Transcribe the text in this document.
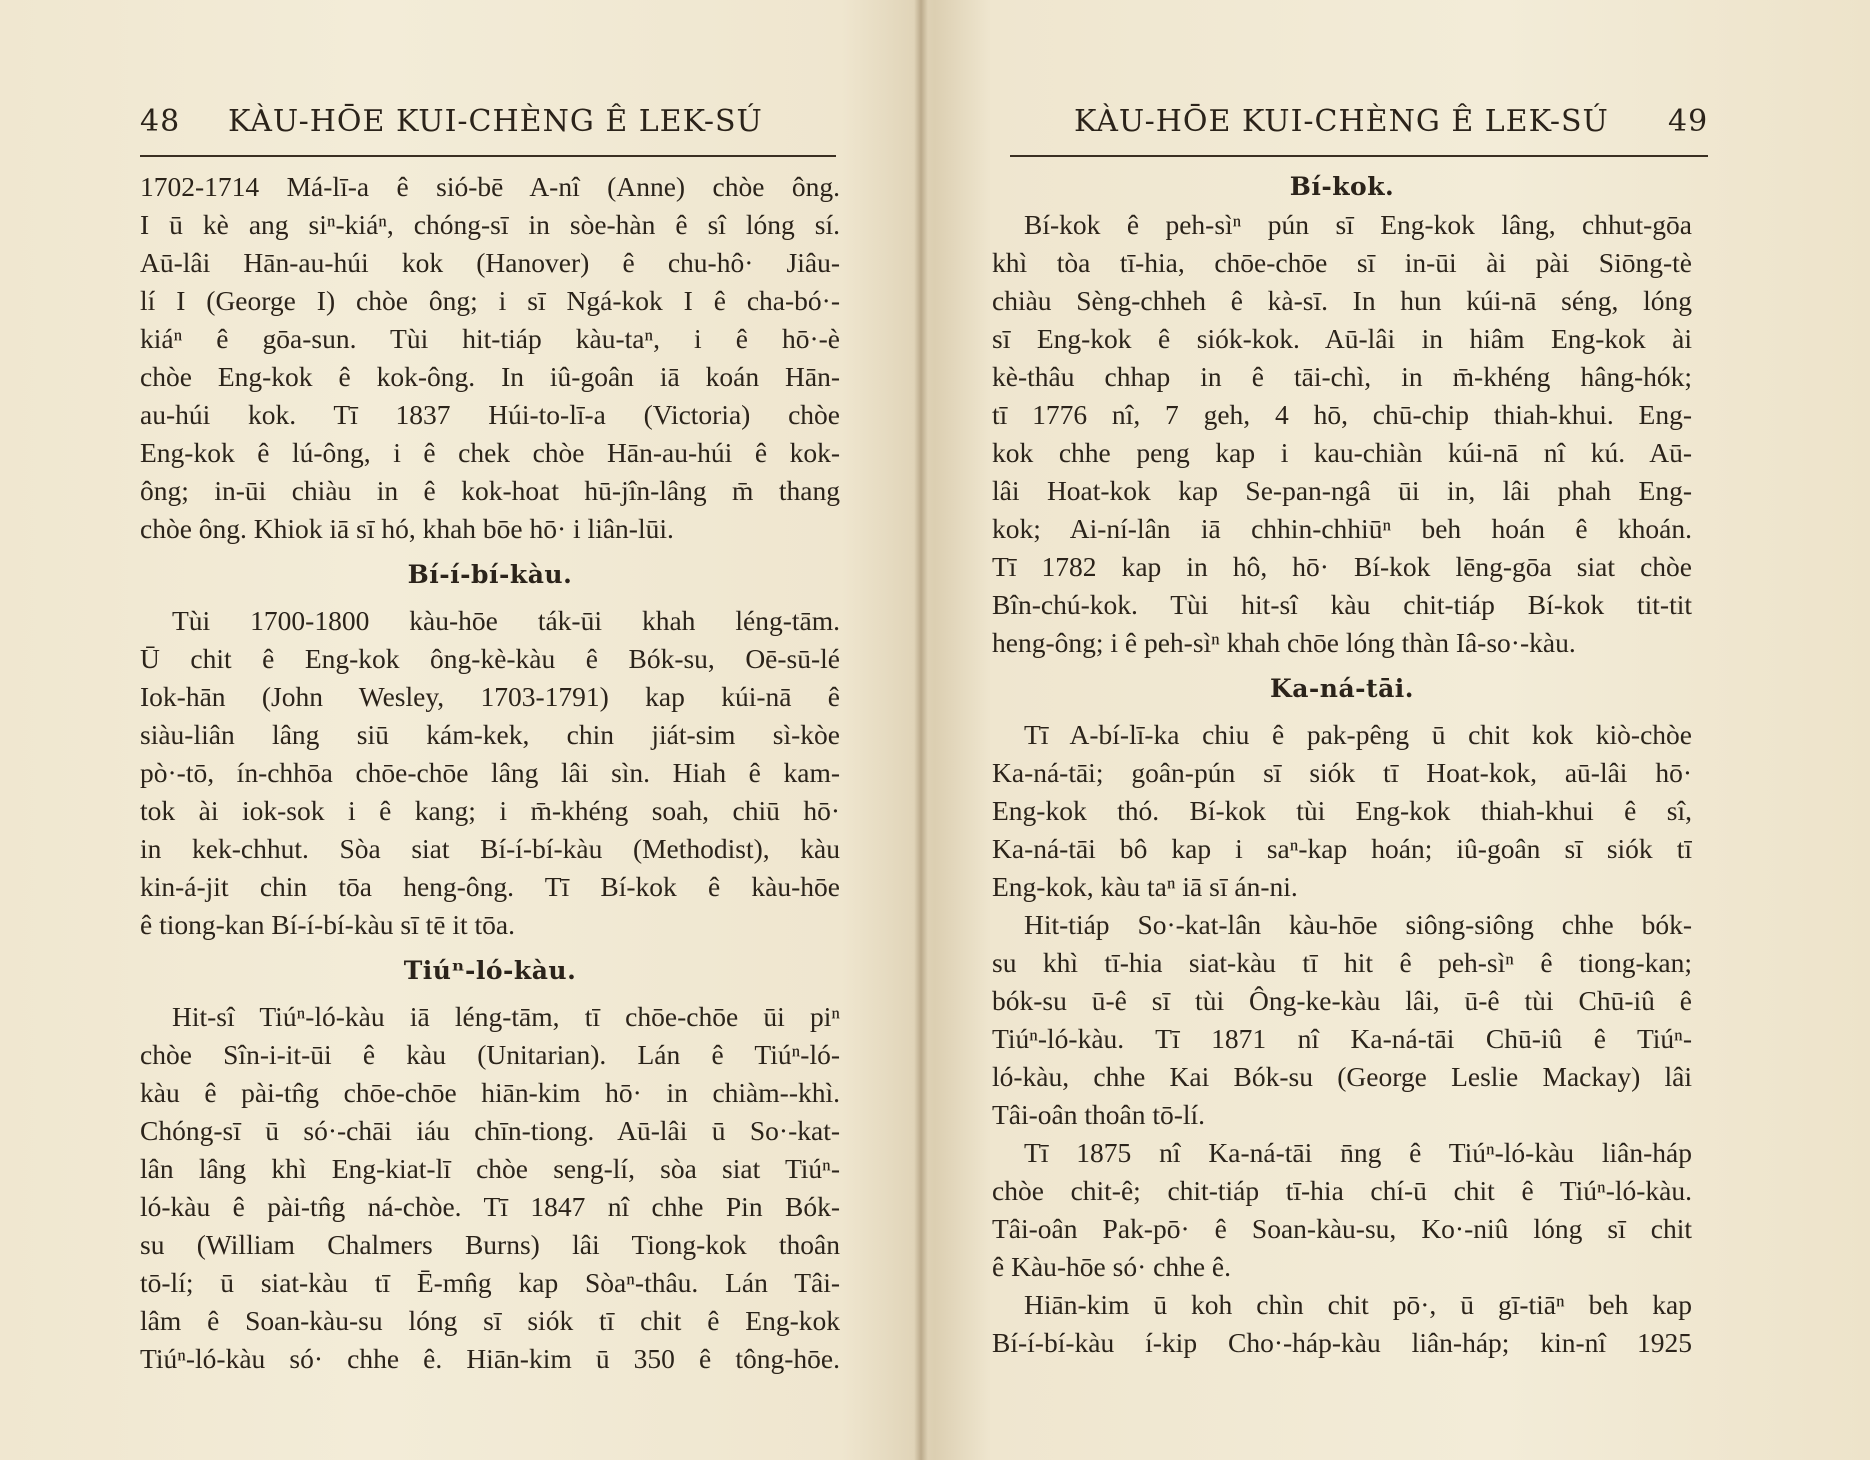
48 KÀU-HŌE KUI-CHÈNG Ê LEK-SÚ
1702-1714 Má-lī-a ê sió-bē A-nî (Anne) chòe ông.
I ū kè ang siⁿ-kiáⁿ, chóng-sī in sòe-hàn ê sî lóng sí.
Aū-lâi Hān-au-húi kok (Hanover) ê chu-hô· Jiâu-
lí I (George I) chòe ông; i sī Ngá-kok I ê cha-bó·-
kiáⁿ ê gōa-sun. Tùi hit-tiáp kàu-taⁿ, i ê hō·-è
chòe Eng-kok ê kok-ông. In iû-goân iā koán Hān-
au-húi kok. Tī 1837 Húi-to-lī-a (Victoria) chòe
Eng-kok ê lú-ông, i ê chek chòe Hān-au-húi ê kok-
ông; in-ūi chiàu in ê kok-hoat hū-jîn-lâng m̄ thang
chòe ông. Khiok iā sī hó, khah bōe hō· i liân-lūi.
Bí-í-bí-kàu.
Tùi 1700-1800 kàu-hōe ták-ūi khah léng-tām.
Ū chit ê Eng-kok ông-kè-kàu ê Bók-su, Oē-sū-lé
Iok-hān (John Wesley, 1703-1791) kap kúi-nā ê
siàu-liân lâng siū kám-kek, chin jiát-sim sì-kòe
pò·-tō, ín-chhōa chōe-chōe lâng lâi sìn. Hiah ê kam-
tok ài iok-sok i ê kang; i m̄-khéng soah, chiū hō·
in kek-chhut. Sòa siat Bí-í-bí-kàu (Methodist), kàu
kin-á-jit chin tōa heng-ông. Tī Bí-kok ê kàu-hōe
ê tiong-kan Bí-í-bí-kàu sī tē it tōa.
Tiúⁿ-ló-kàu.
Hit-sî Tiúⁿ-ló-kàu iā léng-tām, tī chōe-chōe ūi piⁿ
chòe Sîn-i-it-ūi ê kàu (Unitarian). Lán ê Tiúⁿ-ló-
kàu ê pài-tn̂g chōe-chōe hiān-kim hō· in chiàm--khì.
Chóng-sī ū só·-chāi iáu chīn-tiong. Aū-lâi ū So·-kat-
lân lâng khì Eng-kiat-lī chòe seng-lí, sòa siat Tiúⁿ-
ló-kàu ê pài-tn̂g ná-chòe. Tī 1847 nî chhe Pin Bók-
su (William Chalmers Burns) lâi Tiong-kok thoân
tō-lí; ū siat-kàu tī Ē-mn̂g kap Sòaⁿ-thâu. Lán Tâi-
lâm ê Soan-kàu-su lóng sī siók tī chit ê Eng-kok
Tiúⁿ-ló-kàu só· chhe ê. Hiān-kim ū 350 ê tông-hōe.
KÀU-HŌE KUI-CHÈNG Ê LEK-SÚ 49
Bí-kok.
Bí-kok ê peh-sìⁿ pún sī Eng-kok lâng, chhut-gōa
khì tòa tī-hia, chōe-chōe sī in-ūi ài pài Siōng-tè
chiàu Sèng-chheh ê kà-sī. In hun kúi-nā séng, lóng
sī Eng-kok ê siók-kok. Aū-lâi in hiâm Eng-kok ài
kè-thâu chhap in ê tāi-chì, in m̄-khéng hâng-hók;
tī 1776 nî, 7 geh, 4 hō, chū-chip thiah-khui. Eng-
kok chhe peng kap i kau-chiàn kúi-nā nî kú. Aū-
lâi Hoat-kok kap Se-pan-ngâ ūi in, lâi phah Eng-
kok; Ai-ní-lân iā chhin-chhiūⁿ beh hoán ê khoán.
Tī 1782 kap in hô, hō· Bí-kok lēng-gōa siat chòe
Bîn-chú-kok. Tùi hit-sî kàu chit-tiáp Bí-kok tit-tit
heng-ông; i ê peh-sìⁿ khah chōe lóng thàn Iâ-so·-kàu.
Ka-ná-tāi.
Tī A-bí-lī-ka chiu ê pak-pêng ū chit kok kiò-chòe
Ka-ná-tāi; goân-pún sī siók tī Hoat-kok, aū-lâi hō·
Eng-kok thó. Bí-kok tùi Eng-kok thiah-khui ê sî,
Ka-ná-tāi bô kap i saⁿ-kap hoán; iû-goân sī siók tī
Eng-kok, kàu taⁿ iā sī án-ni.
Hit-tiáp So·-kat-lân kàu-hōe siông-siông chhe bók-
su khì tī-hia siat-kàu tī hit ê peh-sìⁿ ê tiong-kan;
bók-su ū-ê sī tùi Ông-ke-kàu lâi, ū-ê tùi Chū-iû ê
Tiúⁿ-ló-kàu. Tī 1871 nî Ka-ná-tāi Chū-iû ê Tiúⁿ-
ló-kàu, chhe Kai Bók-su (George Leslie Mackay) lâi
Tâi-oân thoân tō-lí.
Tī 1875 nî Ka-ná-tāi n̄ng ê Tiúⁿ-ló-kàu liân-háp
chòe chit-ê; chit-tiáp tī-hia chí-ū chit ê Tiúⁿ-ló-kàu.
Tâi-oân Pak-pō· ê Soan-kàu-su, Ko·-niû lóng sī chit
ê Kàu-hōe só· chhe ê.
Hiān-kim ū koh chìn chit pō·, ū gī-tiāⁿ beh kap
Bí-í-bí-kàu í-kip Cho·-háp-kàu liân-háp; kin-nî 1925
